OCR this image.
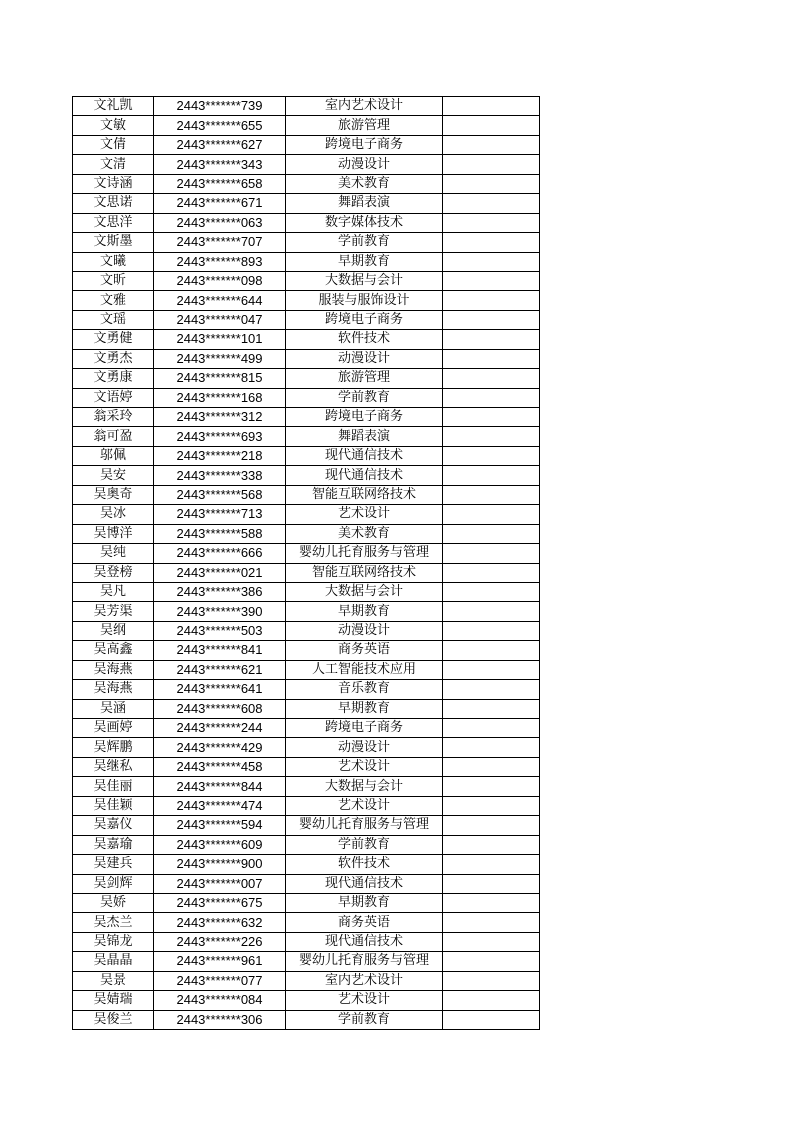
文礼凯	2443*******739	室内艺术设计	
文敏	2443*******655	旅游管理	
文倩	2443*******627	跨境电子商务	
文清	2443*******343	动漫设计	
文诗涵	2443*******658	美术教育	
文思诺	2443*******671	舞蹈表演	
文思洋	2443*******063	数字媒体技术	
文斯墨	2443*******707	学前教育	
文曦	2443*******893	早期教育	
文昕	2443*******098	大数据与会计	
文雅	2443*******644	服装与服饰设计	
文瑶	2443*******047	跨境电子商务	
文勇健	2443*******101	软件技术	
文勇杰	2443*******499	动漫设计	
文勇康	2443*******815	旅游管理	
文语婷	2443*******168	学前教育	
翁采玲	2443*******312	跨境电子商务	
翁可盈	2443*******693	舞蹈表演	
邬佩	2443*******218	现代通信技术	
吴安	2443*******338	现代通信技术	
吴奥奇	2443*******568	智能互联网络技术	
吴冰	2443*******713	艺术设计	
吴博洋	2443*******588	美术教育	
吴纯	2443*******666	婴幼儿托育服务与管理	
吴登榜	2443*******021	智能互联网络技术	
吴凡	2443*******386	大数据与会计	
吴芳渠	2443*******390	早期教育	
吴纲	2443*******503	动漫设计	
吴高鑫	2443*******841	商务英语	
吴海燕	2443*******621	人工智能技术应用	
吴海燕	2443*******641	音乐教育	
吴涵	2443*******608	早期教育	
吴画婷	2443*******244	跨境电子商务	
吴辉鹏	2443*******429	动漫设计	
吴继私	2443*******458	艺术设计	
吴佳丽	2443*******844	大数据与会计	
吴佳颖	2443*******474	艺术设计	
吴嘉仪	2443*******594	婴幼儿托育服务与管理	
吴嘉瑜	2443*******609	学前教育	
吴建兵	2443*******900	软件技术	
吴剑辉	2443*******007	现代通信技术	
吴娇	2443*******675	早期教育	
吴杰兰	2443*******632	商务英语	
吴锦龙	2443*******226	现代通信技术	
吴晶晶	2443*******961	婴幼儿托育服务与管理	
吴景	2443*******077	室内艺术设计	
吴婧瑞	2443*******084	艺术设计	
吴俊兰	2443*******306	学前教育	
